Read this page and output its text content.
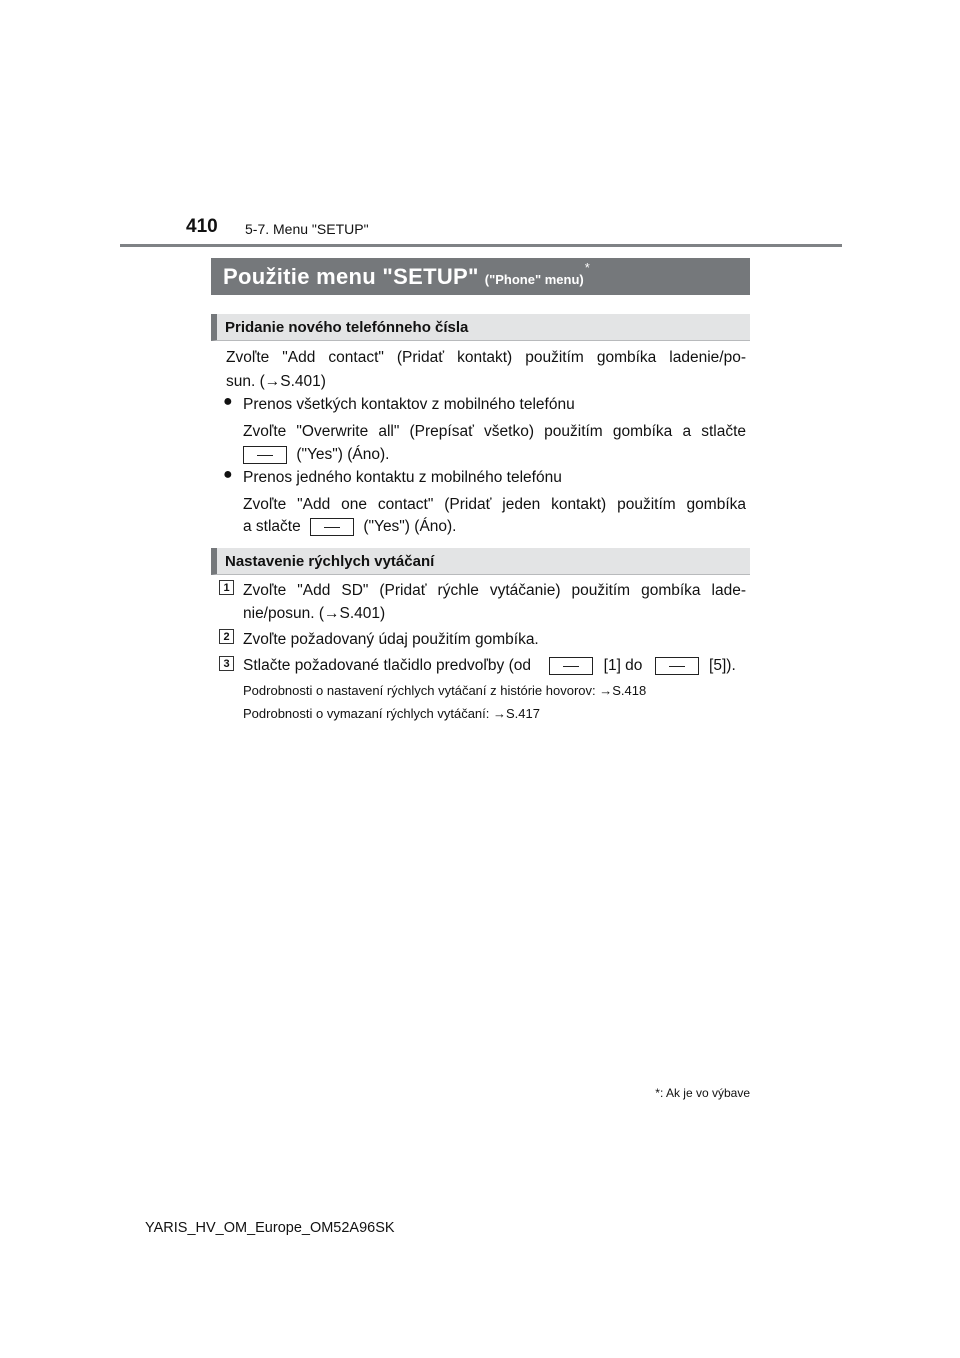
410 5-7. Menu "SETUP"
Použitie menu "SETUP" ("Phone" menu)
*
Pridanie nového telefónneho čísla
Zvoľte "Add contact" (Pridať kontakt) použitím gombíka ladenie/po-
sun. (→S.401)
● Prenos všetkých kontaktov z mobilného telefónu
Zvoľte "Overwrite all" (Prepísať všetko) použitím gombíka a stlačte
("Yes") (Áno).
● Prenos jedného kontaktu z mobilného telefónu
Zvoľte "Add one contact" (Pridať jeden kontakt) použitím gombíka
a stlačte	("Yes") (Áno).
Nastavenie rýchlych vytáčaní
1 Zvoľte "Add SD" (Pridať rýchle vytáčanie) použitím gombíka lade-
nie/posun. (→S.401)
2 Zvoľte požadovaný údaj použitím gombíka.
3 Stlačte požadované tlačidlo predvoľby (od	[1] do	[5]).
Podrobnosti o nastavení rýchlych vytáčaní z histórie hovorov: →S.418
Podrobnosti o vymazaní rýchlych vytáčaní: →S.417
*: Ak je vo výbave
YARIS_HV_OM_Europe_OM52A96SK
